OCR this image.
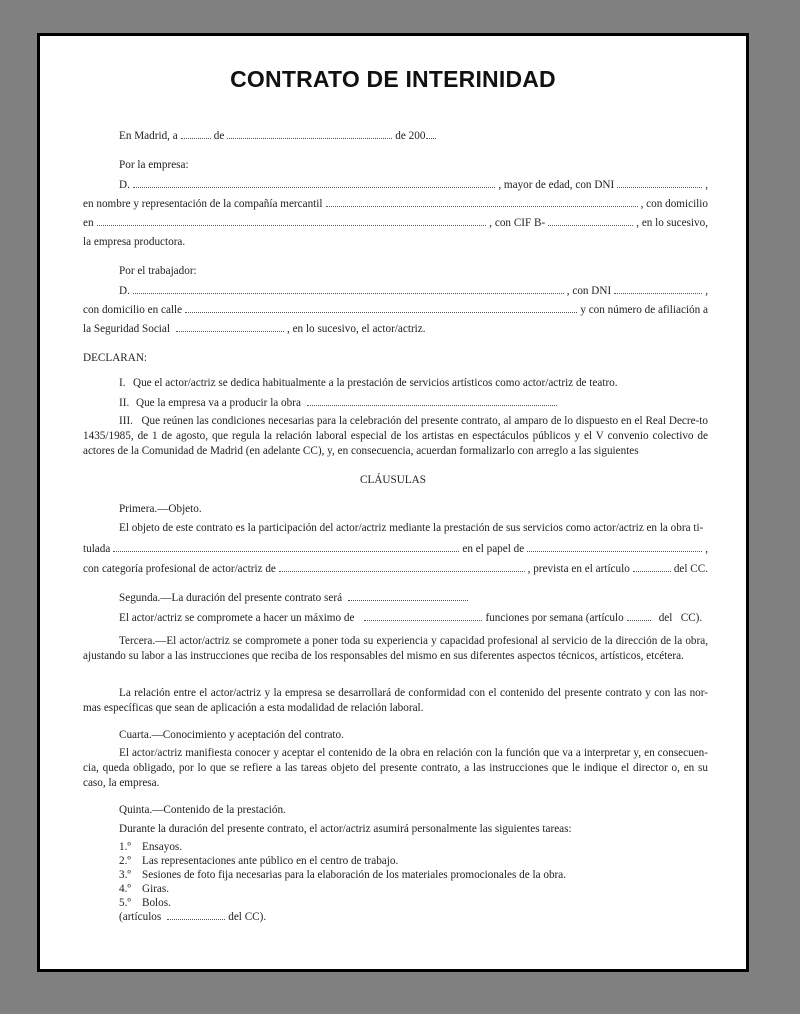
CONTRATO DE INTERINIDAD
En Madrid, a	de	de 200
Por la empresa:
D.	, mayor de edad, con DNI	,
en nombre y representación de la compañía mercantil	, con domicilio
en	, con CIF B-	, en lo sucesivo,
la empresa productora.
Por el trabajador:
D.	, con DNI	,
con domicilio en calle	y con número de afiliación a
la Seguridad Social	, en lo sucesivo, el actor/actriz.
DECLARAN:
I. Que el actor/actriz se dedica habitualmente a la prestación de servicios artísticos como actor/actriz de teatro.
II. Que la empresa va a producir la obra
III.  Que reúnen las condiciones necesarias para la celebración del presente contrato, al amparo de lo dispuesto en el Real Decre-to 1435/1985, de 1 de agosto, que regula la relación laboral especial de los artistas en espectáculos públicos y el V convenio colectivo de actores de la Comunidad de Madrid (en adelante CC), y, en consecuencia, acuerdan formalizarlo con arreglo a las siguientes
CLÁUSULAS
Primera.—Objeto.
El objeto de este contrato es la participación del actor/actriz mediante la prestación de sus servicios como actor/actriz en la obra ti-
tulada	en el papel de	,
con categoría profesional de actor/actriz de	, prevista en el artículo	del CC.
Segunda.—La duración del presente contrato será
El actor/actriz se compromete a hacer un máximo de	funciones por semana (artículo	del  CC).
Tercera.—El actor/actriz se compromete a poner toda su experiencia y capacidad profesional al servicio de la dirección de la obra, ajustando su labor a las instrucciones que reciba de los responsables del mismo en sus diferentes aspectos técnicos, artísticos, etcétera.
La relación entre el actor/actriz y la empresa se desarrollará de conformidad con el contenido del presente contrato y con las nor-mas específicas que sean de aplicación a esta modalidad de relación laboral.
Cuarta.—Conocimiento y aceptación del contrato.
El actor/actriz manifiesta conocer y aceptar el contenido de la obra en relación con la función que va a interpretar y, en consecuen-cia, queda obligado, por lo que se refiere a las tareas objeto del presente contrato, a las instrucciones que le indique el director o, en su caso, la empresa.
Quinta.—Contenido de la prestación.
Durante la duración del presente contrato, el actor/actriz asumirá personalmente las siguientes tareas:
1.º Ensayos.
2.º Las representaciones ante público en el centro de trabajo.
3.º Sesiones de foto fija necesarias para la elaboración de los materiales promocionales de la obra.
4.º Giras.
5.º Bolos.
(artículos	del CC).
